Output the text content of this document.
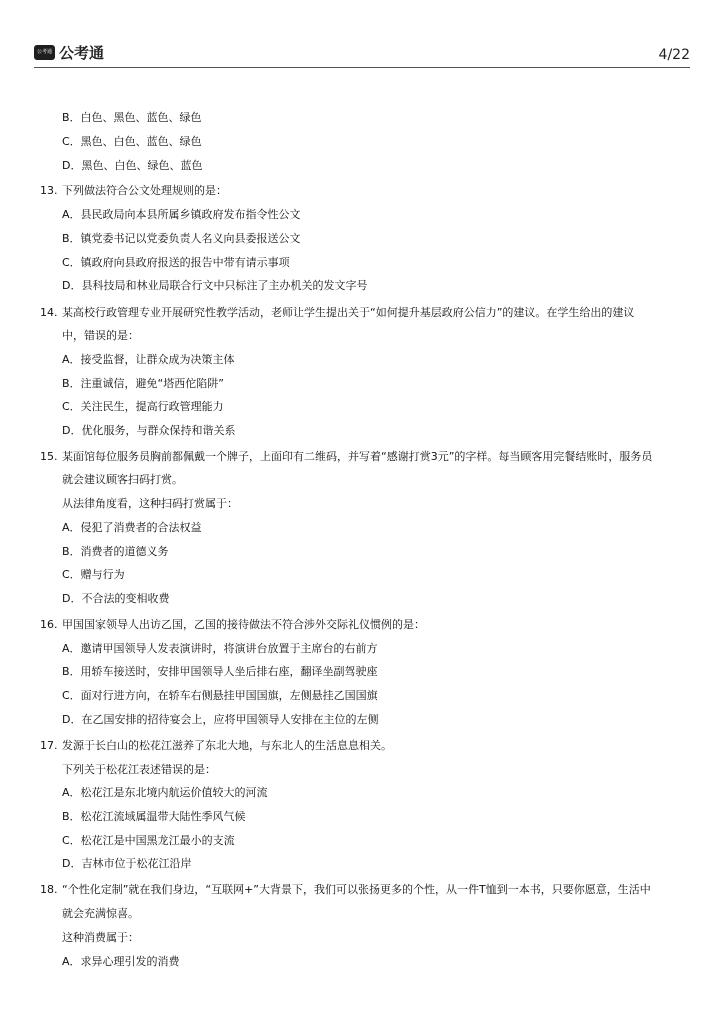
公考通 公考通	4/22
B．白色、黑色、蓝色、绿色
C．黑色、白色、蓝色、绿色
D．黑色、白色、绿色、蓝色
13. 下列做法符合公文处理规则的是：
A．县民政局向本县所属乡镇政府发布指令性公文
B．镇党委书记以党委负责人名义向县委报送公文
C．镇政府向县政府报送的报告中带有请示事项
D．县科技局和林业局联合行文中只标注了主办机关的发文字号
14. 某高校行政管理专业开展研究性教学活动，老师让学生提出关于“如何提升基层政府公信力”的建议。在学生给出的建议
中，错误的是：
A．接受监督，让群众成为决策主体
B．注重诚信，避免“塔西佗陷阱”
C．关注民生，提高行政管理能力
D．优化服务，与群众保持和谐关系
15. 某面馆每位服务员胸前都佩戴一个牌子，上面印有二维码，并写着“感谢打赏3元”的字样。每当顾客用完餐结账时，服务员
就会建议顾客扫码打赏。
从法律角度看，这种扫码打赏属于：
A．侵犯了消费者的合法权益
B．消费者的道德义务
C．赠与行为
D．不合法的变相收费
16. 甲国国家领导人出访乙国，乙国的接待做法不符合涉外交际礼仪惯例的是：
A．邀请甲国领导人发表演讲时，将演讲台放置于主席台的右前方
B．用轿车接送时，安排甲国领导人坐后排右座，翻译坐副驾驶座
C．面对行进方向，在轿车右侧悬挂甲国国旗，左侧悬挂乙国国旗
D．在乙国安排的招待宴会上，应将甲国领导人安排在主位的左侧
17. 发源于长白山的松花江滋养了东北大地，与东北人的生活息息相关。
下列关于松花江表述错误的是：
A．松花江是东北境内航运价值较大的河流
B．松花江流域属温带大陆性季风气候
C．松花江是中国黑龙江最小的支流
D．吉林市位于松花江沿岸
18. “个性化定制”就在我们身边，“互联网+”大背景下，我们可以张扬更多的个性，从一件T恤到一本书，只要你愿意，生活中
就会充满惊喜。
这种消费属于：
A．求异心理引发的消费
